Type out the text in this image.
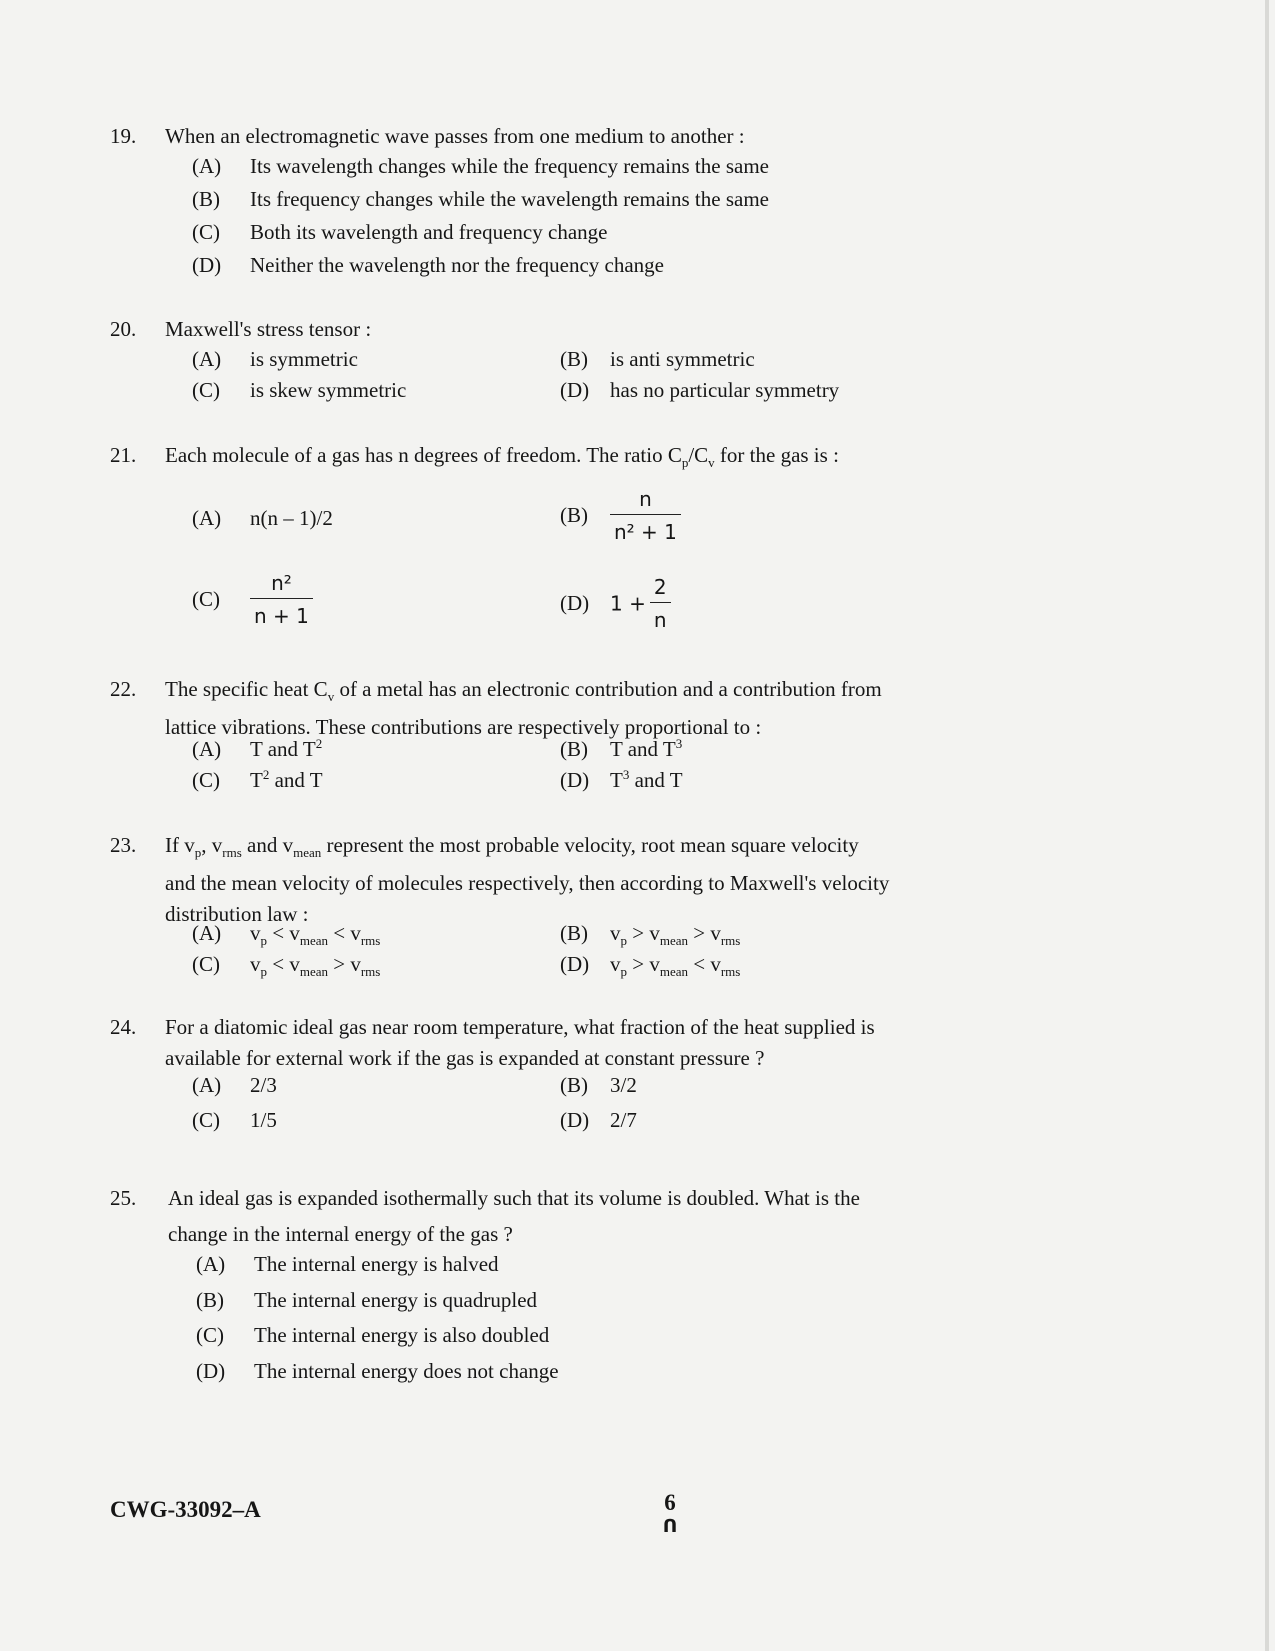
19.	When an electromagnetic wave passes from one medium to another :
(A) Its wavelength changes while the frequency remains the same
(B) Its frequency changes while the wavelength remains the same
(C) Both its wavelength and frequency change
(D) Neither the wavelength nor the frequency change
20.	Maxwell's stress tensor :
(A) is symmetric	(B) is anti symmetric
(C) is skew symmetric	(D) has no particular symmetry
21.	Each molecule of a gas has n degrees of freedom. The ratio $C_p/C_v$ for the gas is :
(A) n(n – 1)/2	$(B) \frac{n}{\text{n² + 1}}$
$(C) \frac{\text{n²}}{n + 1}$	(D) $1 + \frac{2}{n}$
22.	The specific heat $C_v$ of a metal has an electronic contribution and a contribution from
lattice vibrations. These contributions are respectively proportional to :
(A) T and $T^2$	(B) T and $T^3$
(C) $T^2$ and T	(D) $T^3$ and T
23.	If $v_p$, $v_{rms}$ and $v_{mean}$ represent the most probable velocity, root mean square velocity
and the mean velocity of molecules respectively, then according to Maxwell's velocity
distribution law :
(A) $v_p < v_{mean} < v_{rms}$	(B) $v_p > v_{mean} > v_{rms}$
(C) $v_p < v_{mean} > v_{rms}$	(D) $v_p > v_{mean} < v_{rms}$
24.	For a diatomic ideal gas near room temperature, what fraction of the heat supplied is
available for external work if the gas is expanded at constant pressure ?
(A) 2/3	(B) 3/2
(C) 1/5	(D) 2/7
25.	An ideal gas is expanded isothermally such that its volume is doubled. What is the
change in the internal energy of the gas ?
(A) The internal energy is halved
(B) The internal energy is quadrupled
(C) The internal energy is also doubled
(D) The internal energy does not change
CWG-33092–A	6
ꓵ
